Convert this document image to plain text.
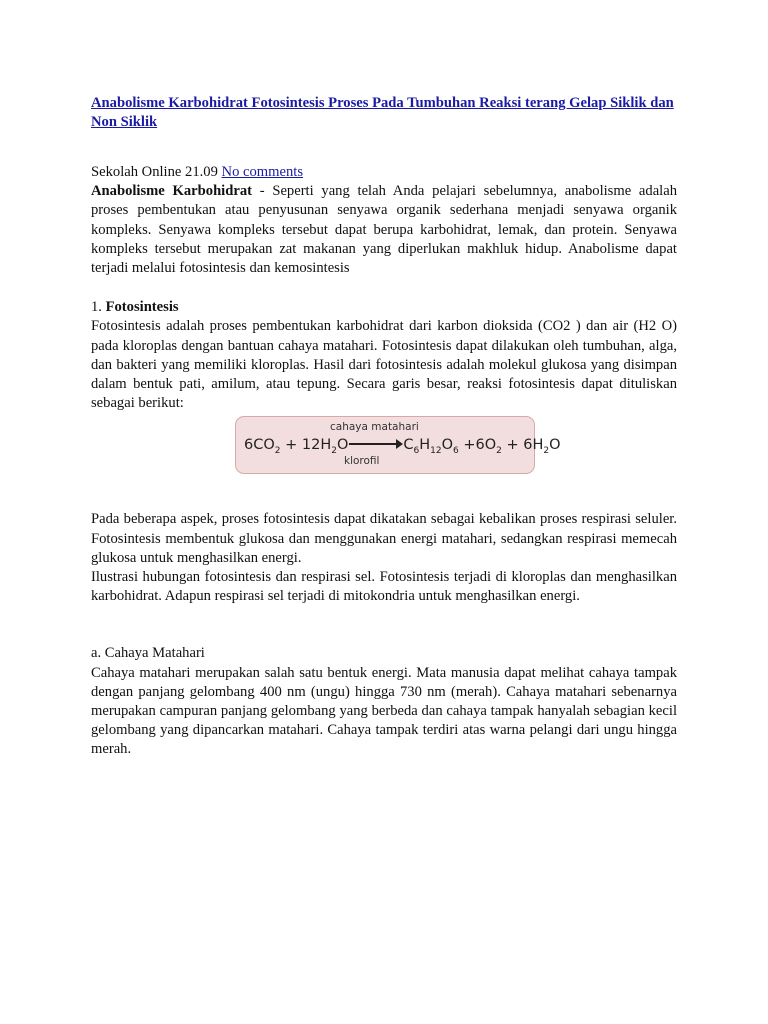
Anabolisme Karbohidrat Fotosintesis Proses Pada Tumbuhan Reaksi terang Gelap Siklik dan Non Siklik
Sekolah Online 21.09 No comments

Anabolisme Karbohidrat - Seperti yang telah Anda pelajari sebelumnya, anabolisme adalah proses pembentukan atau penyusunan senyawa organik sederhana menjadi senyawa organik kompleks. Senyawa kompleks tersebut dapat berupa karbohidrat, lemak, dan protein. Senyawa kompleks tersebut merupakan zat makanan yang diperlukan makhluk hidup. Anabolisme dapat terjadi melalui fotosintesis dan kemosintesis

1. Fotosintesis

Fotosintesis adalah proses pembentukan karbohidrat dari karbon dioksida (CO2 ) dan air (H2 O) pada kloroplas dengan bantuan cahaya matahari. Fotosintesis dapat dilakukan oleh tumbuhan, alga, dan bakteri yang memiliki kloroplas. Hasil dari fotosintesis adalah molekul glukosa yang disimpan dalam bentuk pati, amilum, atau tepung. Secara garis besar, reaksi fotosintesis dapat dituliskan sebagai berikut:

cahaya matahari
$6CO_2 + 12H_2O\to C_6H_{12}O_6 +6O_2 + 6H_2O$
klorofil

Pada beberapa aspek, proses fotosintesis dapat dikatakan sebagai kebalikan proses respirasi seluler. Fotosintesis membentuk glukosa dan menggunakan energi matahari, sedangkan respirasi memecah glukosa untuk menghasilkan energi.

Ilustrasi hubungan fotosintesis dan respirasi sel. Fotosintesis terjadi di kloroplas dan menghasilkan karbohidrat. Adapun respirasi sel terjadi di mitokondria untuk menghasilkan energi.

a. Cahaya Matahari

Cahaya matahari merupakan salah satu bentuk energi. Mata manusia dapat melihat cahaya tampak dengan panjang gelombang 400 nm (ungu) hingga 730 nm (merah). Cahaya matahari sebenarnya merupakan campuran panjang gelombang yang berbeda dan cahaya tampak hanyalah sebagian kecil gelombang yang dipancarkan matahari. Cahaya tampak terdiri atas warna pelangi dari ungu hingga merah.
